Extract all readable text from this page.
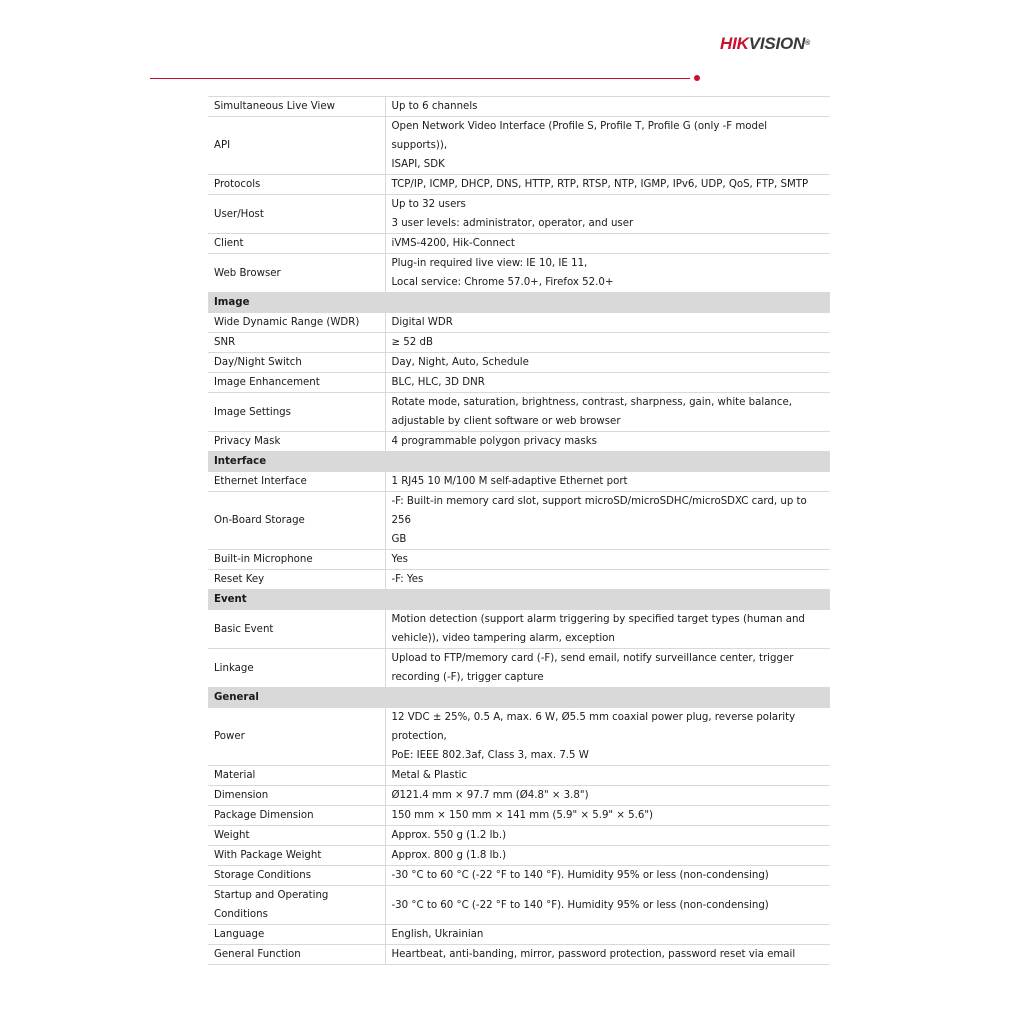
HIKVISION®
Simultaneous Live View	Up to 6 channels

API	Open Network Video Interface (Profile S, Profile T, Profile G (only -F model supports)),
ISAPI, SDK

Protocols	TCP/IP, ICMP, DHCP, DNS, HTTP, RTP, RTSP, NTP, IGMP, IPv6, UDP, QoS, FTP, SMTP

User/Host	Up to 32 users
3 user levels: administrator, operator, and user

Client	iVMS-4200, Hik-Connect

Web Browser	Plug-in required live view: IE 10, IE 11,
Local service: Chrome 57.0+, Firefox 52.0+

Image	
Wide Dynamic Range (WDR)	Digital WDR

SNR	≥ 52 dB

Day/Night Switch	Day, Night, Auto, Schedule

Image Enhancement	BLC, HLC, 3D DNR

Image Settings	Rotate mode, saturation, brightness, contrast, sharpness, gain, white balance,
adjustable by client software or web browser

Privacy Mask	4 programmable polygon privacy masks

Interface	
Ethernet Interface	1 RJ45 10 M/100 M self-adaptive Ethernet port

On-Board Storage	-F: Built-in memory card slot, support microSD/microSDHC/microSDXC card, up to 256
GB

Built-in Microphone	Yes

Reset Key	-F: Yes

Event	
Basic Event	Motion detection (support alarm triggering by specified target types (human and
vehicle)), video tampering alarm, exception

Linkage	Upload to FTP/memory card (-F), send email, notify surveillance center, trigger
recording (-F), trigger capture

General	
Power	12 VDC ± 25%, 0.5 A, max. 6 W, Ø5.5 mm coaxial power plug, reverse polarity
protection,
PoE: IEEE 802.3af, Class 3, max. 7.5 W

Material	Metal & Plastic

Dimension	Ø121.4 mm × 97.7 mm (Ø4.8" × 3.8")

Package Dimension	150 mm × 150 mm × 141 mm (5.9" × 5.9" × 5.6")

Weight	Approx. 550 g (1.2 lb.)

With Package Weight	Approx. 800 g (1.8 lb.)

Storage Conditions	-30 °C to 60 °C (-22 °F to 140 °F). Humidity 95% or less (non-condensing)

Startup and Operating Conditions	-30 °C to 60 °C (-22 °F to 140 °F). Humidity 95% or less (non-condensing)

Language	English, Ukrainian

General Function	Heartbeat, anti-banding, mirror, password protection, password reset via email
